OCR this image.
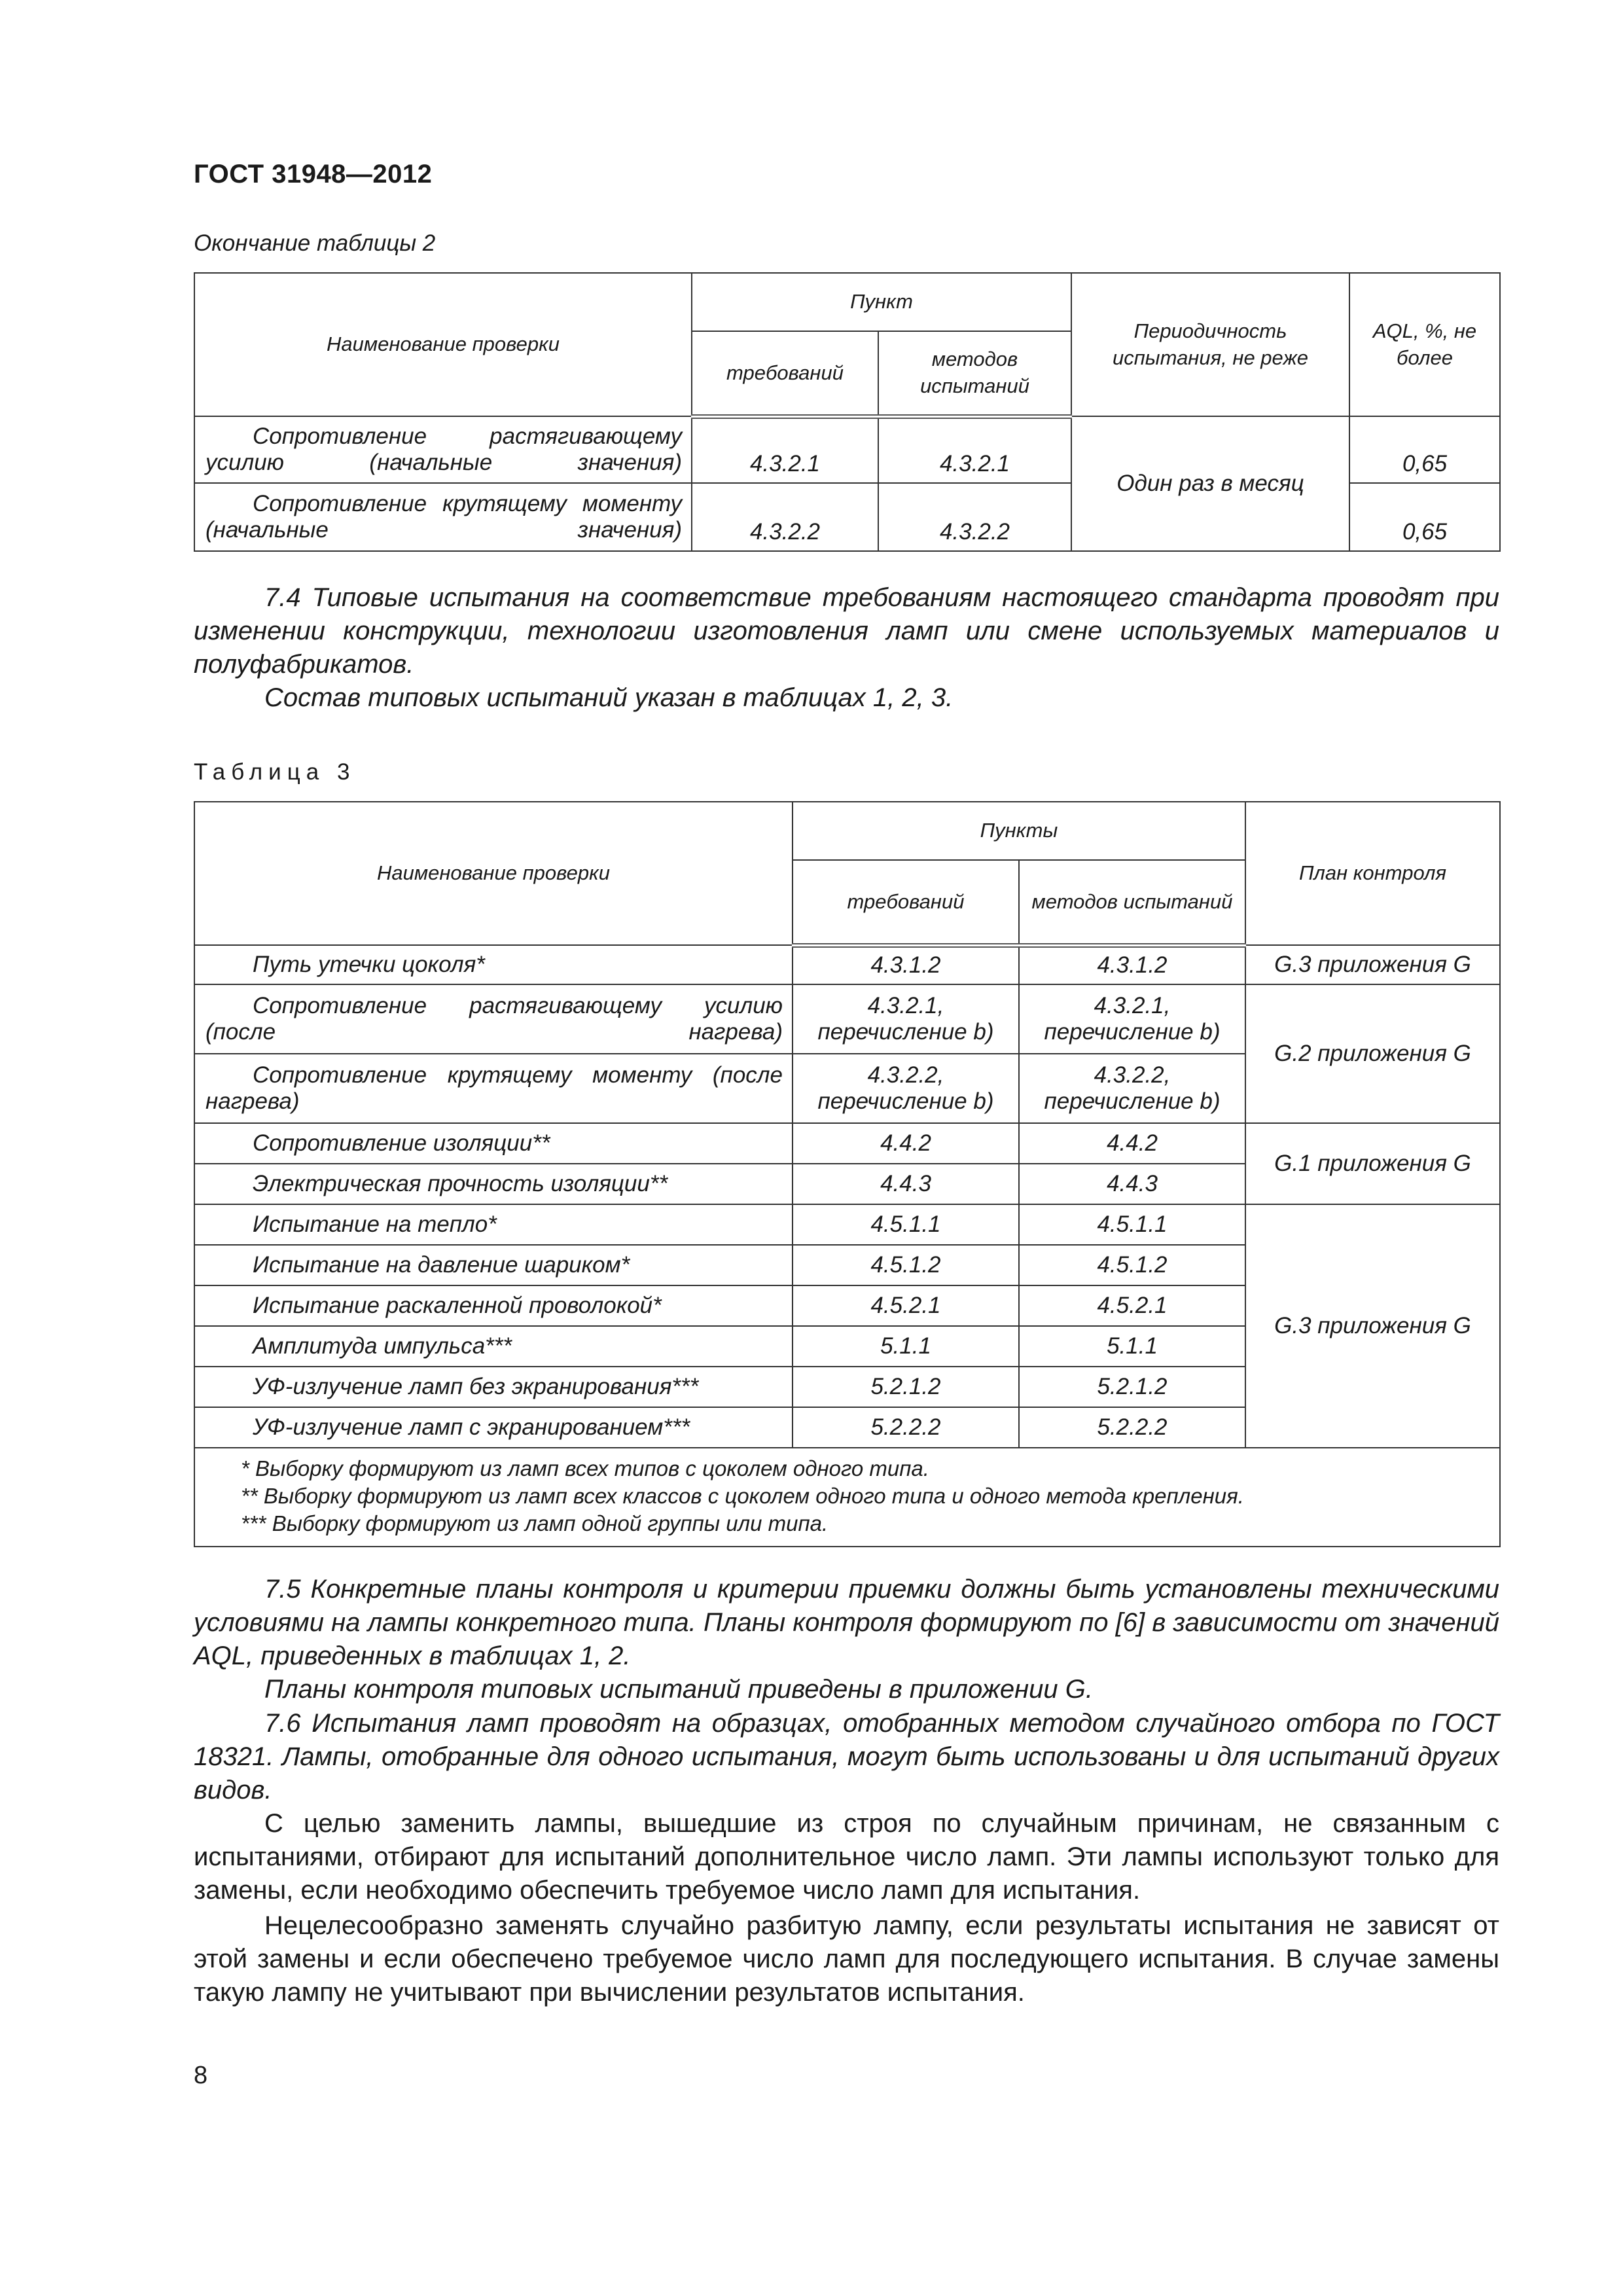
ГОСТ 31948—2012
Окончание таблицы 2
Наименование проверки	Пункт		Периодичность испытания, не реже	AQL, %, не более
	требований	методов испытаний		
Сопротивление растягивающему усилию (начальные значения)	4.3.2.1	4.3.2.1	Один раз в месяц	0,65
Сопротивление крутящему моменту (начальные значения)	4.3.2.2	4.3.2.2		0,65

7.4 Типовые испытания на соответствие требованиям настоящего стандарта проводят при изменении конструкции, технологии изготовления ламп или смене используемых материалов и полуфабрикатов.

Состав типовых испытаний указан в таблицах 1, 2, 3.

Таблица 3
Наименование проверки	Пункты		План контроля
	требований	методов испытаний	
Путь утечки цоколя*	4.3.1.2	4.3.1.2	G.3 приложения G
Сопротивление растягивающему усилию (после нагрева)	4.3.2.1, перечисление b)	4.3.2.1, перечисление b)	G.2 приложения G
Сопротивление крутящему моменту (после нагрева)	4.3.2.2, перечисление b)	4.3.2.2, перечисление b)	
Сопротивление изоляции**	4.4.2	4.4.2	G.1 приложения G
Электрическая прочность изоляции**	4.4.3	4.4.3	
Испытание на тепло*	4.5.1.1	4.5.1.1	G.3 приложения G
Испытание на давление шариком*	4.5.1.2	4.5.1.2	
Испытание раскаленной проволокой*	4.5.2.1	4.5.2.1	
Амплитуда импульса***	5.1.1	5.1.1	
УФ-излучение ламп без экранирования***	5.2.1.2	5.2.1.2	
УФ-излучение ламп с экранированием***	5.2.2.2	5.2.2.2	

* Выборку формируют из ламп всех типов с цоколем одного типа.
** Выборку формируют из ламп всех классов с цоколем одного типа и одного метода крепления.
*** Выборку формируют из ламп одной группы или типа.			

7.5 Конкретные планы контроля и критерии приемки должны быть установлены техническими условиями на лампы конкретного типа. Планы контроля формируют по [6] в зависимости от значений AQL, приведенных в таблицах 1, 2.

Планы контроля типовых испытаний приведены в приложении G.

7.6 Испытания ламп проводят на образцах, отобранных методом случайного отбора по ГОСТ 18321. Лампы, отобранные для одного испытания, могут быть использованы и для испытаний других видов.

С целью заменить лампы, вышедшие из строя по случайным причинам, не связанным с испытаниями, отбирают для испытаний дополнительное число ламп. Эти лампы используют только для замены, если необходимо обеспечить требуемое число ламп для испытания.

Нецелесообразно заменять случайно разбитую лампу, если результаты испытания не зависят от этой замены и если обеспечено требуемое число ламп для последующего испытания. В случае замены такую лампу не учитывают при вычислении результатов испытания.

8
